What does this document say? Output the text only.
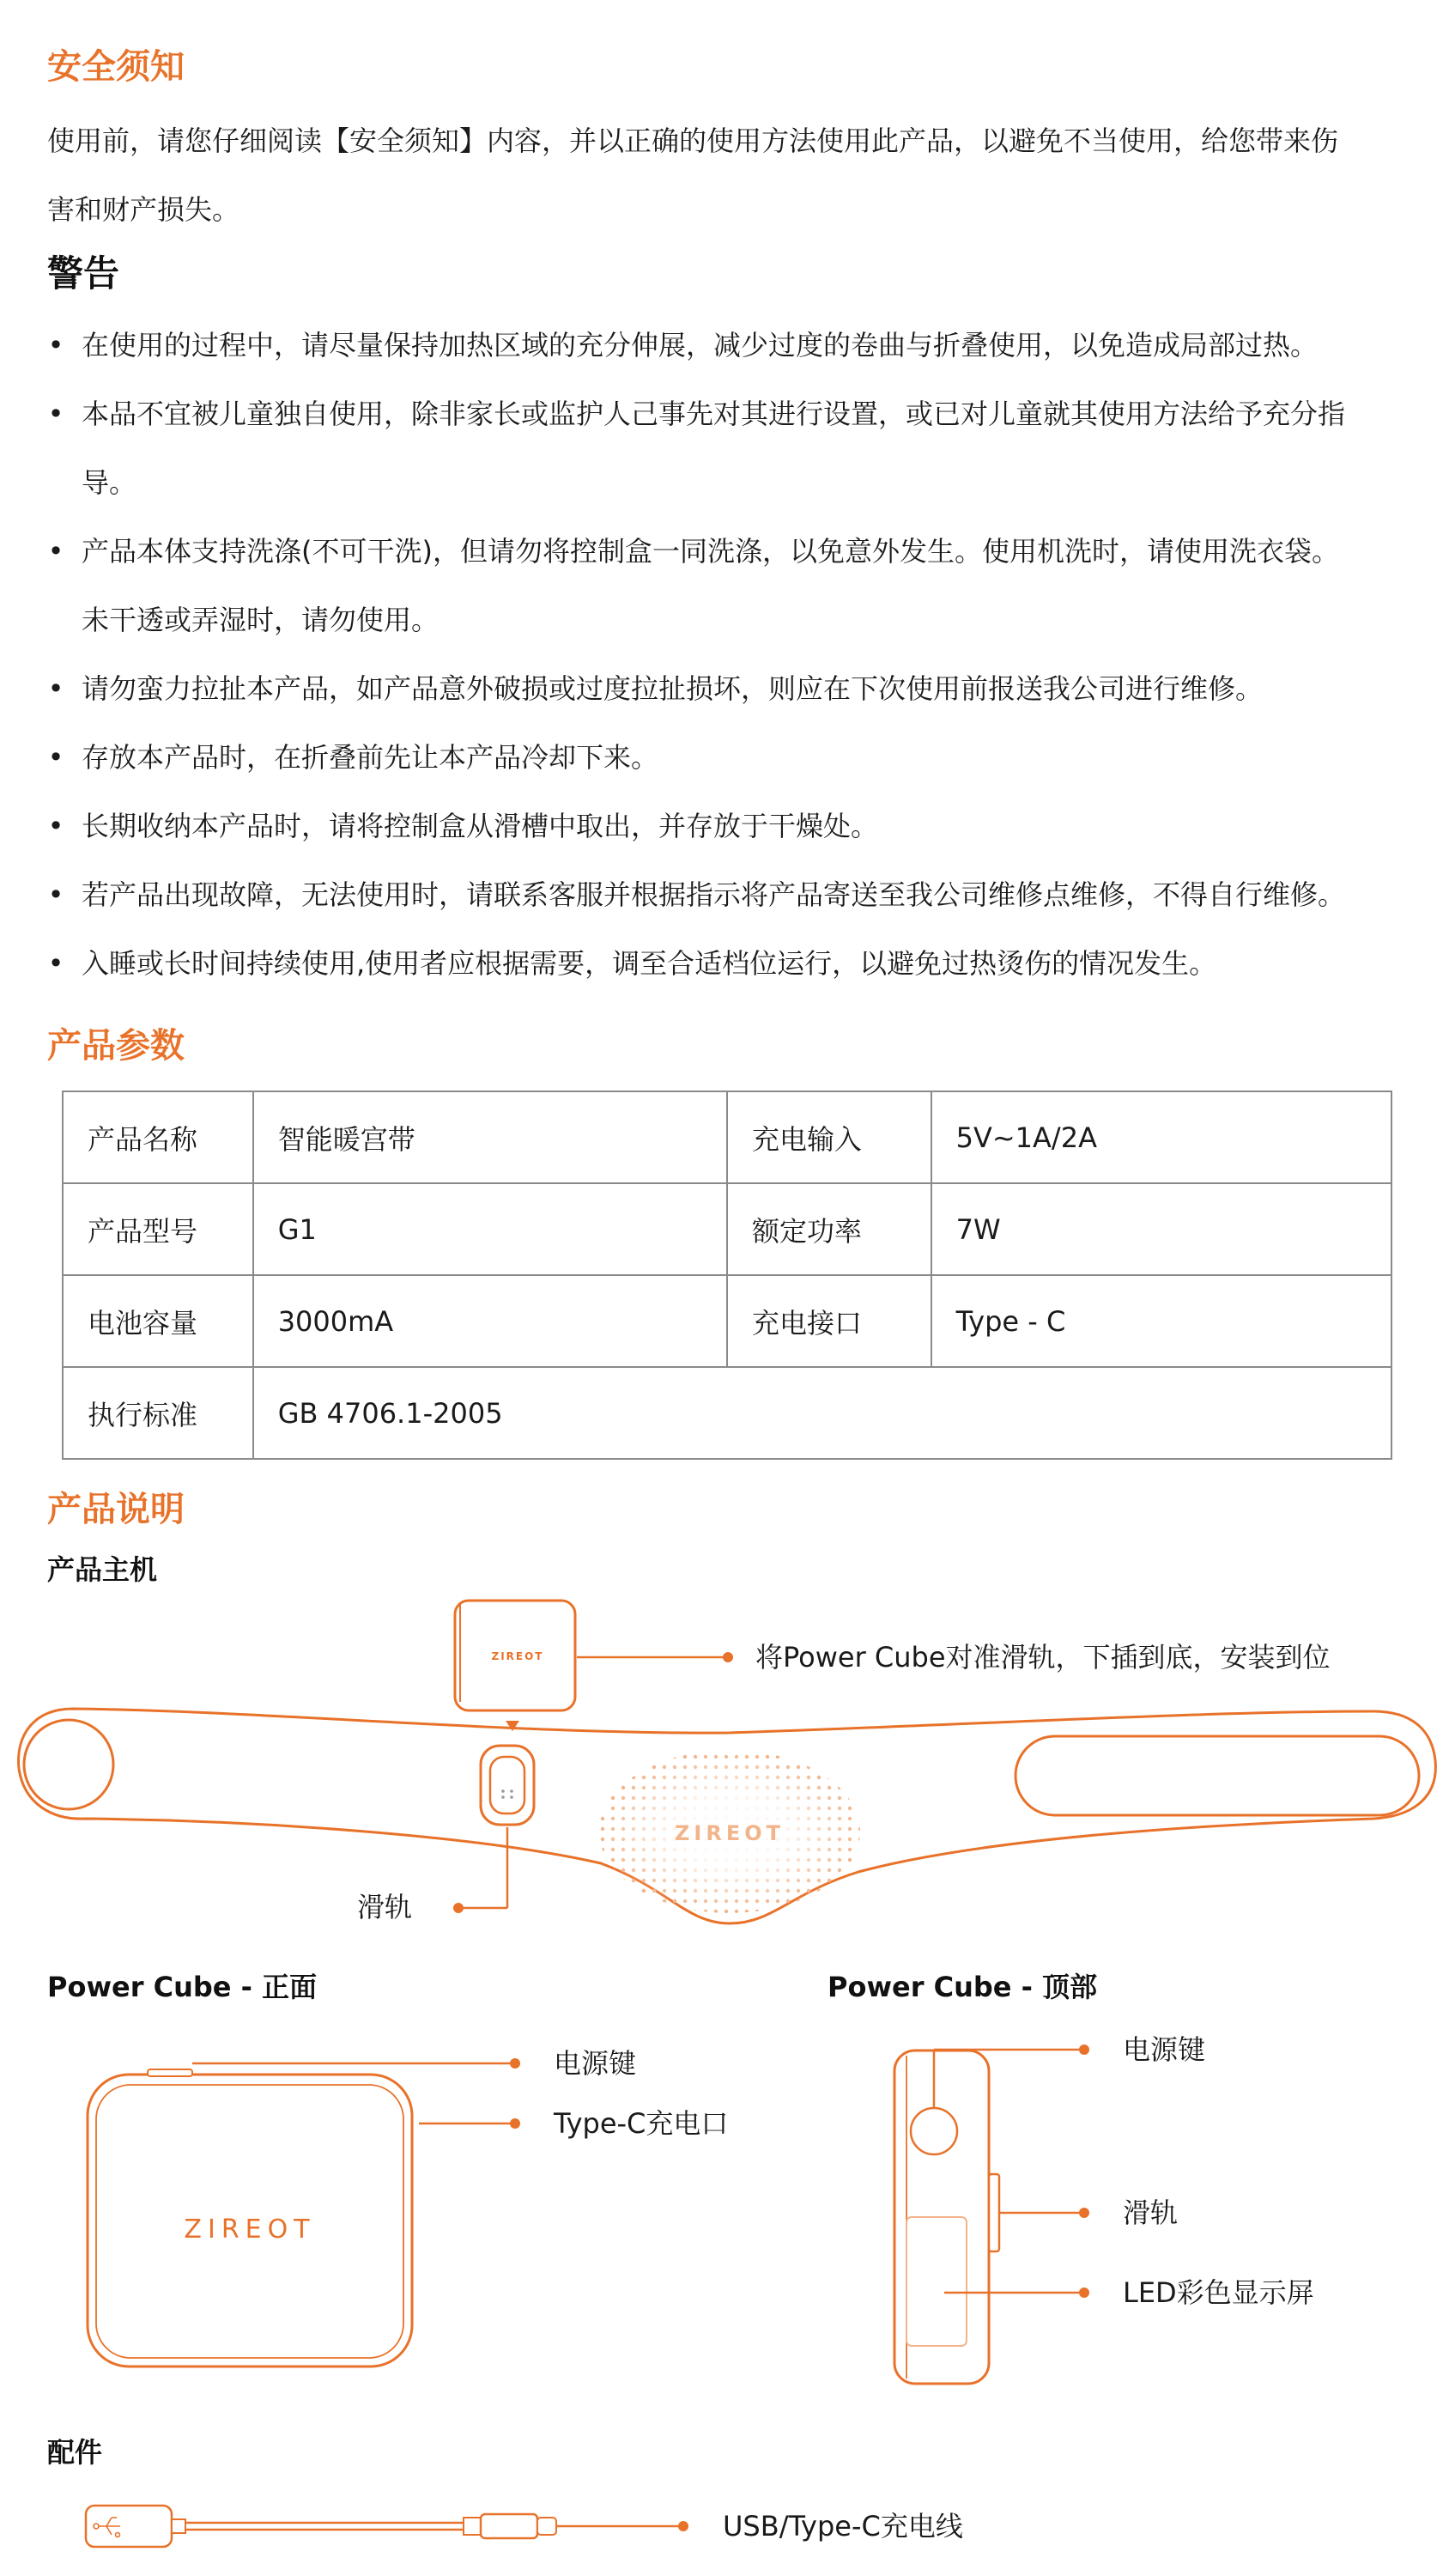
安全须知
使用前，请您仔细阅读【安全须知】内容，并以正确的使用方法使用此产品，以避免不当使用，给您带来伤
害和财产损失。
警告
• 在使用的过程中，请尽量保持加热区域的充分伸展，减少过度的卷曲与折叠使用，以免造成局部过热。
• 本品不宜被儿童独自使用，除非家长或监护人己事先对其进行设置，或已对儿童就其使用方法给予充分指
导。
• 产品本体支持洗涤(不可干洗)，但请勿将控制盒一同洗涤，以免意外发生。使用机洗时，请使用洗衣袋。
未干透或弄湿时，请勿使用。
• 请勿蛮力拉扯本产品，如产品意外破损或过度拉扯损坏，则应在下次使用前报送我公司进行维修。
• 存放本产品时，在折叠前先让本产品冷却下来。
• 长期收纳本产品时，请将控制盒从滑槽中取出，并存放于干燥处。
• 若产品出现故障，无法使用时，请联系客服并根据指示将产品寄送至我公司维修点维修，不得自行维修。
• 入睡或长时间持续使用,使用者应根据需要，调至合适档位运行，以避免过热烫伤的情况发生。
产品参数
产品名称	智能暖宫带	充电输入	5V~1A/2A
产品型号	G1	额定功率	7W
电池容量	3000mA	充电接口	Type - C
执行标准	GB 4706.1-2005		
产品说明
产品主机
ZIREOT
ZIREOT	将Power Cube对准滑轨，下插到底，安装到位
滑轨
Power Cube - 正面	Power Cube - 顶部
ZIREOT
电源键
Type-C充电口
电源键
滑轨
LED彩色显示屏
配件
USB/Type-C充电线
